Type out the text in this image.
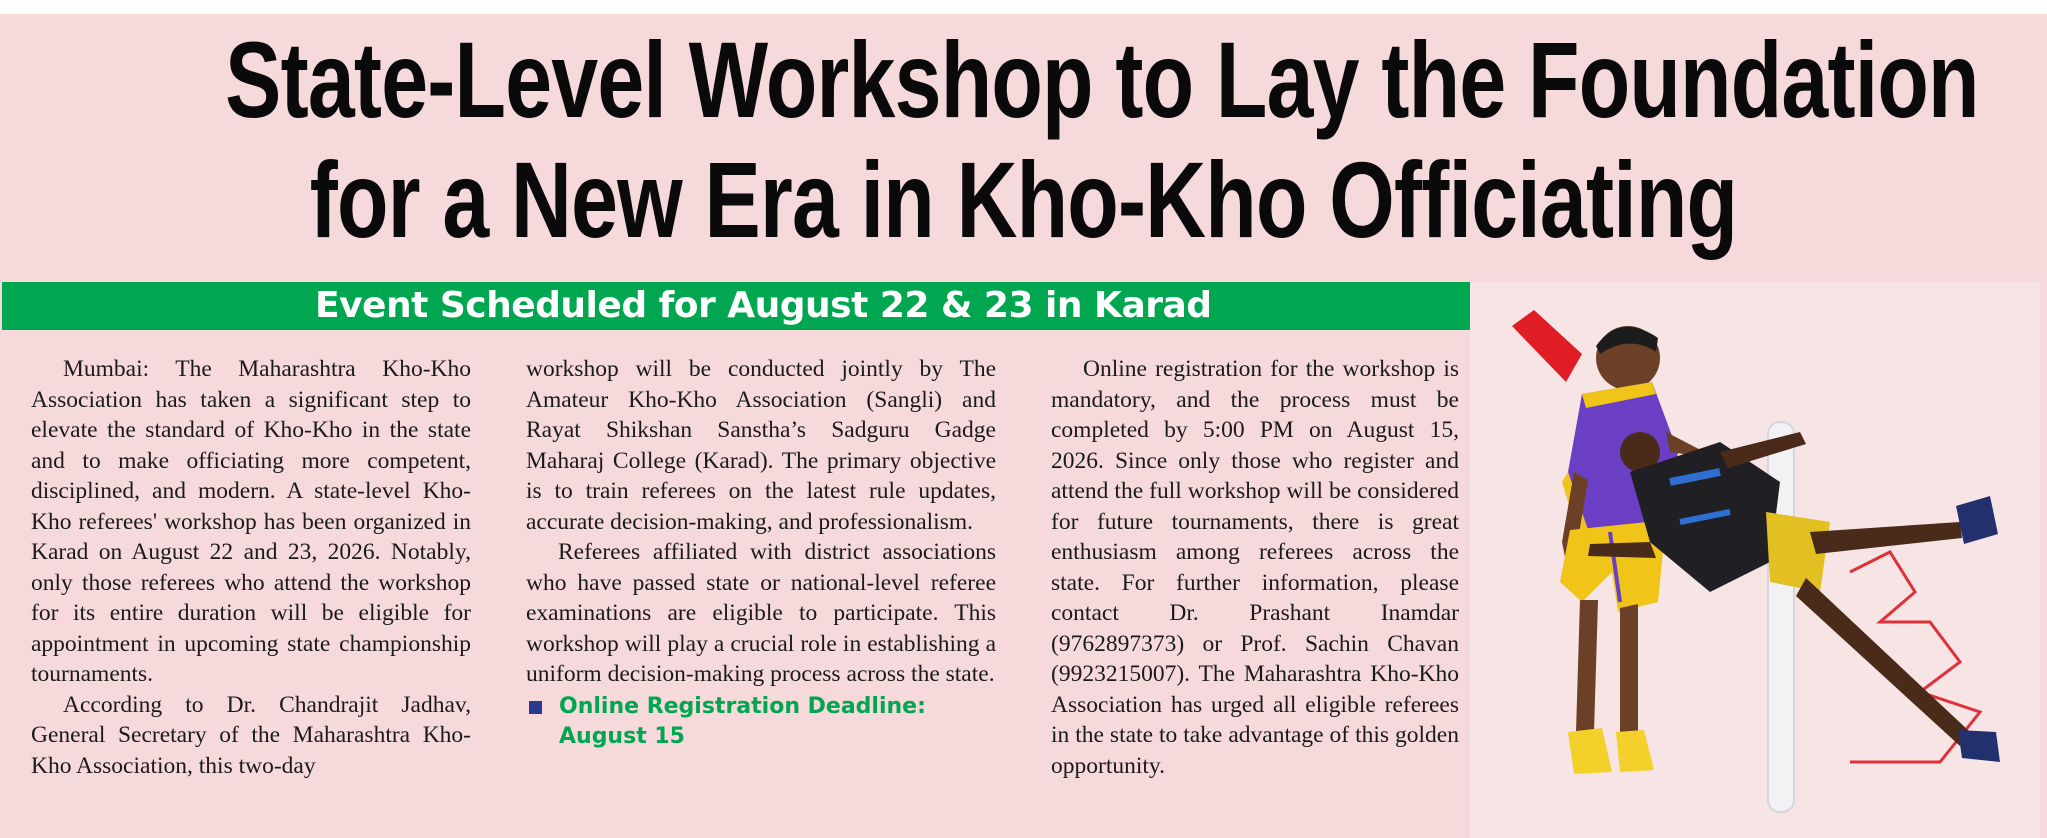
State-Level Workshop to Lay the Foundation
for a New Era in Kho-Kho Officiating
Event Scheduled for August 22 & 23 in Karad

Mumbai: The Maharashtra Kho-Kho Association has taken a significant step to elevate the standard of Kho-Kho in the state and to make officiating more competent, disciplined, and modern. A state-level Kho-Kho referees' workshop has been organized in Karad on August 22 and 23, 2026. Notably, only those referees who attend the workshop for its entire duration will be eligible for appointment in upcoming state championship tournaments.

According to Dr. Chandrajit Jadhav, General Secretary of the Maharashtra Kho-Kho Association, this two-day

workshop will be conducted jointly by The Amateur Kho-Kho Association (Sangli) and Rayat Shikshan Sanstha’s Sadguru Gadge Maharaj College (Karad). The primary objective is to train referees on the latest rule updates, accurate decision-making, and professionalism.

Referees affiliated with district associations who have passed state or national-level referee examinations are eligible to participate. This workshop will play a crucial role in establishing a uniform decision-making process across the state.

Online Registration Deadline:
August 15

Online registration for the workshop is mandatory, and the process must be completed by 5:00 PM on August 15, 2026. Since only those who register and attend the full workshop will be considered for future tournaments, there is great enthusiasm among referees across the state. For further information, please contact Dr. Prashant Inamdar (9762897373) or Prof. Sachin Chavan (9923215007). The Maharashtra Kho-Kho Association has urged all eligible referees in the state to take advantage of this golden opportunity.
